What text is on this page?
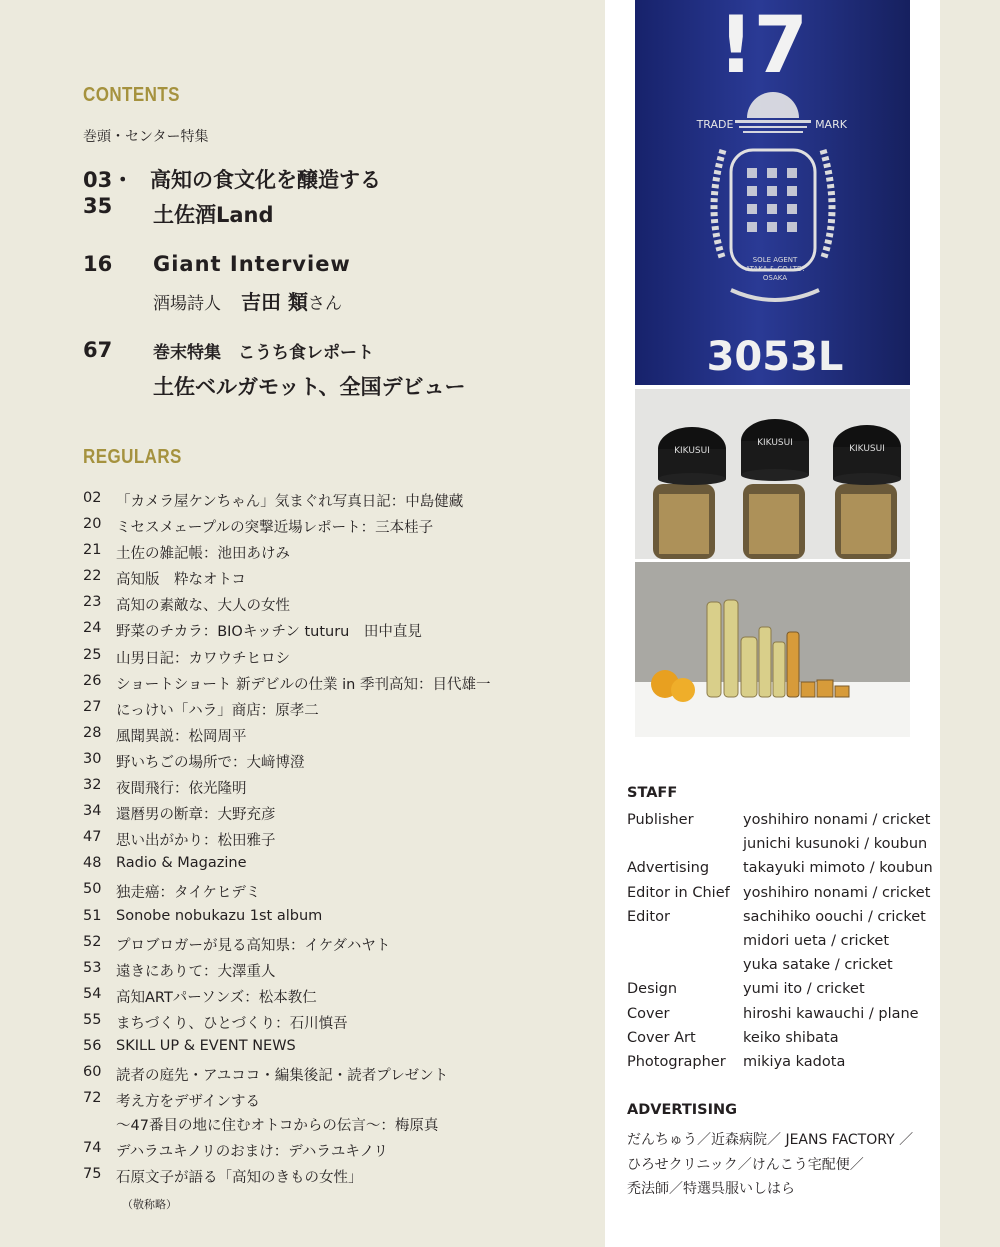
CONTENTS
巻頭・センター特集
03・35
高知の食文化を醸造する
土佐酒Land
16 Giant Interview
酒場詩人 吉田 類さん
67 巻末特集　こうち食レポート
土佐ベルガモット、全国デビュー
REGULARS
02	「カメラ屋ケンちゃん」気まぐれ写真日記：中島健藏
20	ミセスメェープルの突撃近場レポート：三本桂子
21	土佐の雑記帳：池田あけみ
22	高知版　粋なオトコ
23	高知の素敵な、大人の女性
24	野菜のチカラ：BIOキッチン tuturu　田中直見
25	山男日記：カワウチヒロシ
26	ショートショート 新デビルの仕業 in 季刊高知：目代雄一
27	にっけい「ハラ」商店：原孝二
28	風聞異説：松岡周平
30	野いちごの場所で：大﨑博澄
32	夜間飛行：依光隆明
34	還暦男の断章：大野充彦
47	思い出がかり：松田雅子
48	Radio & Magazine
50	独走癌：タイケヒデミ
51	Sonobe nobukazu 1st album
52	プロブロガーが見る高知県：イケダハヤト
53	遠きにありて：大澤重人
54	高知ARTパーソンズ：松本教仁
55	まちづくり、ひとづくり：石川慎吾
56	SKILL UP & EVENT NEWS
60	読者の庭先・アユココ・編集後記・読者プレゼント
72	考え方をデザインする
〜47番目の地に住むオトコからの伝言〜：梅原真
74	デハラユキノリのおまけ：デハラユキノリ
75	石原文子が語る「高知のきもの女性」
（敬称略）
!7
TRADE	MARK
SOLE AGENT
ATAKA & CO.LTD.
OSAKA
3053L
KIKUSUI
KIKUSUI
KIKUSUI
STAFF
Publisher	yoshihiro nonami / cricket
junichi kusunoki / koubun
Advertising takayuki mimoto / koubun
Editor in Chief yoshihiro nonami / cricket
Editor	sachihiko oouchi / cricket
midori ueta / cricket
yuka satake / cricket
Design	yumi ito / cricket
Cover	hiroshi kawauchi / plane
Cover Art	keiko shibata
Photographer mikiya kadota
ADVERTISING
だんちゅう／近森病院／ JEANS FACTORY ／
ひろせクリニック／けんこう宅配便／
禿法師／特選呉服いしはら
